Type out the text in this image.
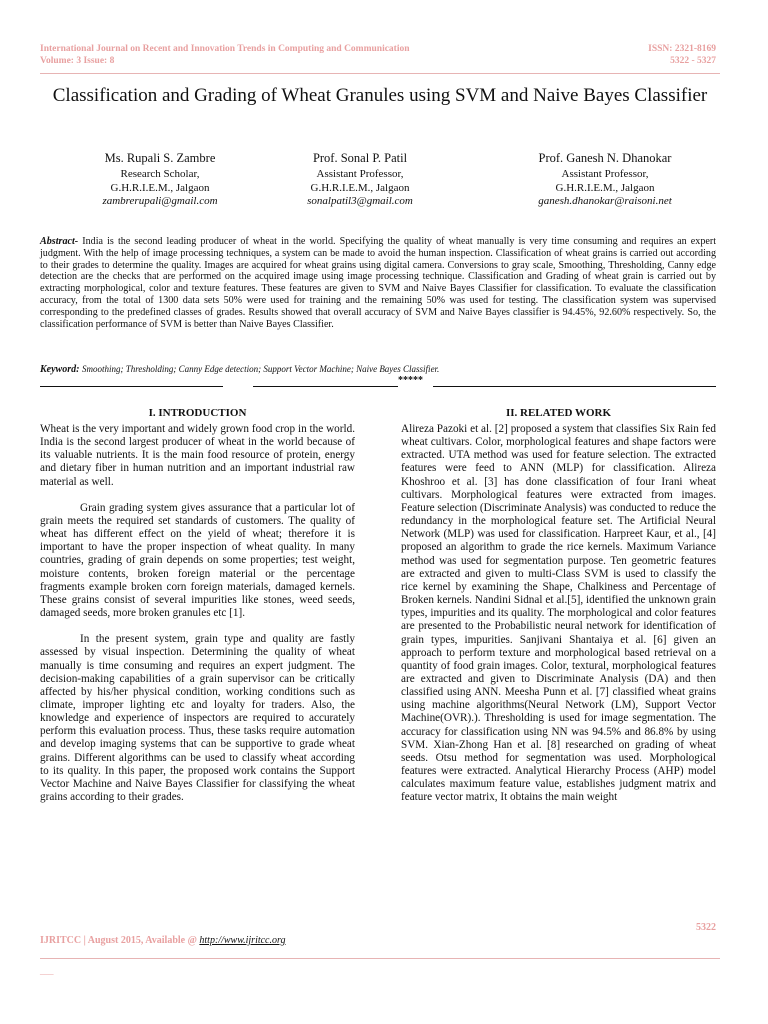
International Journal on Recent and Innovation Trends in Computing and Communication
Volume: 3 Issue: 8
ISSN: 2321-8169
5322 - 5327
Classification and Grading of Wheat Granules using SVM and Naive Bayes Classifier
Ms. Rupali S. Zambre
Research Scholar,
G.H.R.I.E.M., Jalgaon
zambrerupali@gmail.com
Prof. Sonal P. Patil
Assistant Professor,
G.H.R.I.E.M., Jalgaon
sonalpatil3@gmail.com
Prof. Ganesh N. Dhanokar
Assistant Professor,
G.H.R.I.E.M., Jalgaon
ganesh.dhanokar@raisoni.net
Abstract- India is the second leading producer of wheat in the world. Specifying the quality of wheat manually is very time consuming and requires an expert judgment. With the help of image processing techniques, a system can be made to avoid the human inspection. Classification of wheat grains is carried out according to their grades to determine the quality. Images are acquired for wheat grains using digital camera. Conversions to gray scale, Smoothing, Thresholding, Canny edge detection are the checks that are performed on the acquired image using image processing technique. Classification and Grading of wheat grain is carried out by extracting morphological, color and texture features. These features are given to SVM and Naive Bayes Classifier for classification. To evaluate the classification accuracy, from the total of 1300 data sets 50% were used for training and the remaining 50% was used for testing. The classification system was supervised corresponding to the predefined classes of grades. Results showed that overall accuracy of SVM and Naive Bayes classifier is 94.45%, 92.60% respectively. So, the classification performance of SVM is better than Naive Bayes Classifier.
Keyword: Smoothing; Thresholding; Canny Edge detection; Support Vector Machine; Naive Bayes Classifier.
*****
I. INTRODUCTION

Wheat is the very important and widely grown food crop in the world. India is the second largest producer of wheat in the world because of its valuable nutrients. It is the main food resource of protein, energy and dietary fiber in human nutrition and an important industrial raw material as well.

Grain grading system gives assurance that a particular lot of grain meets the required set standards of customers. The quality of wheat has different effect on the yield of wheat; therefore it is important to have the proper inspection of wheat quality. In many countries, grading of grain depends on some properties; test weight, moisture contents, broken foreign material or the percentage fragments example broken corn foreign materials, damaged kernels. These grains consist of several impurities like stones, weed seeds, damaged seeds, more broken granules etc [1].

In the present system, grain type and quality are fastly assessed by visual inspection. Determining the quality of wheat manually is time consuming and requires an expert judgment. The decision-making capabilities of a grain supervisor can be critically affected by his/her physical condition, working conditions such as climate, improper lighting etc and loyalty for traders. Also, the knowledge and experience of inspectors are required to accurately perform this evaluation process. Thus, these tasks require automation and develop imaging systems that can be supportive to grade wheat grains. Different algorithms can be used to classify wheat according to its quality. In this paper, the proposed work contains the Support Vector Machine and Naive Bayes Classifier for classifying the wheat grains according to their grades.

II. RELATED WORK

Alireza Pazoki et al. [2] proposed a system that classifies Six Rain fed wheat cultivars. Color, morphological features and shape factors were extracted. UTA method was used for feature selection. The extracted features were feed to ANN (MLP) for classification. Alireza Khoshroo et al. [3] has done classification of four Irani wheat cultivars. Morphological features were extracted from images. Feature selection (Discriminate Analysis) was conducted to reduce the redundancy in the morphological feature set. The Artificial Neural Network (MLP) was used for classification. Harpreet Kaur, et al., [4] proposed an algorithm to grade the rice kernels. Maximum Variance method was used for segmentation purpose. Ten geometric features are extracted and given to multi-Class SVM is used to classify the rice kernel by examining the Shape, Chalkiness and Percentage of Broken kernels. Nandini Sidnal et al.[5], identified the unknown grain types, impurities and its quality. The morphological and color features are presented to the Probabilistic neural network for identification of grain types, impurities. Sanjivani Shantaiya et al. [6] given an approach to perform texture and morphological based retrieval on a quantity of food grain images. Color, textural, morphological features are extracted and given to Discriminate Analysis (DA) and then classified using ANN. Meesha Punn et al. [7] classified wheat grains using machine algorithms(Neural Network (LM), Support Vector Machine(OVR).). Thresholding is used for image segmentation. The accuracy for classification using NN was 94.5% and 86.8% by using SVM. Xian-Zhong Han et al. [8] researched on grading of wheat seeds. Otsu method for segmentation was used. Morphological features were extracted. Analytical Hierarchy Process (AHP) model calculates maximum feature value, establishes judgment matrix and feature vector matrix, It obtains the main weight

5322
IJRITCC | August 2015, Available @ http://www.ijritcc.org
___
